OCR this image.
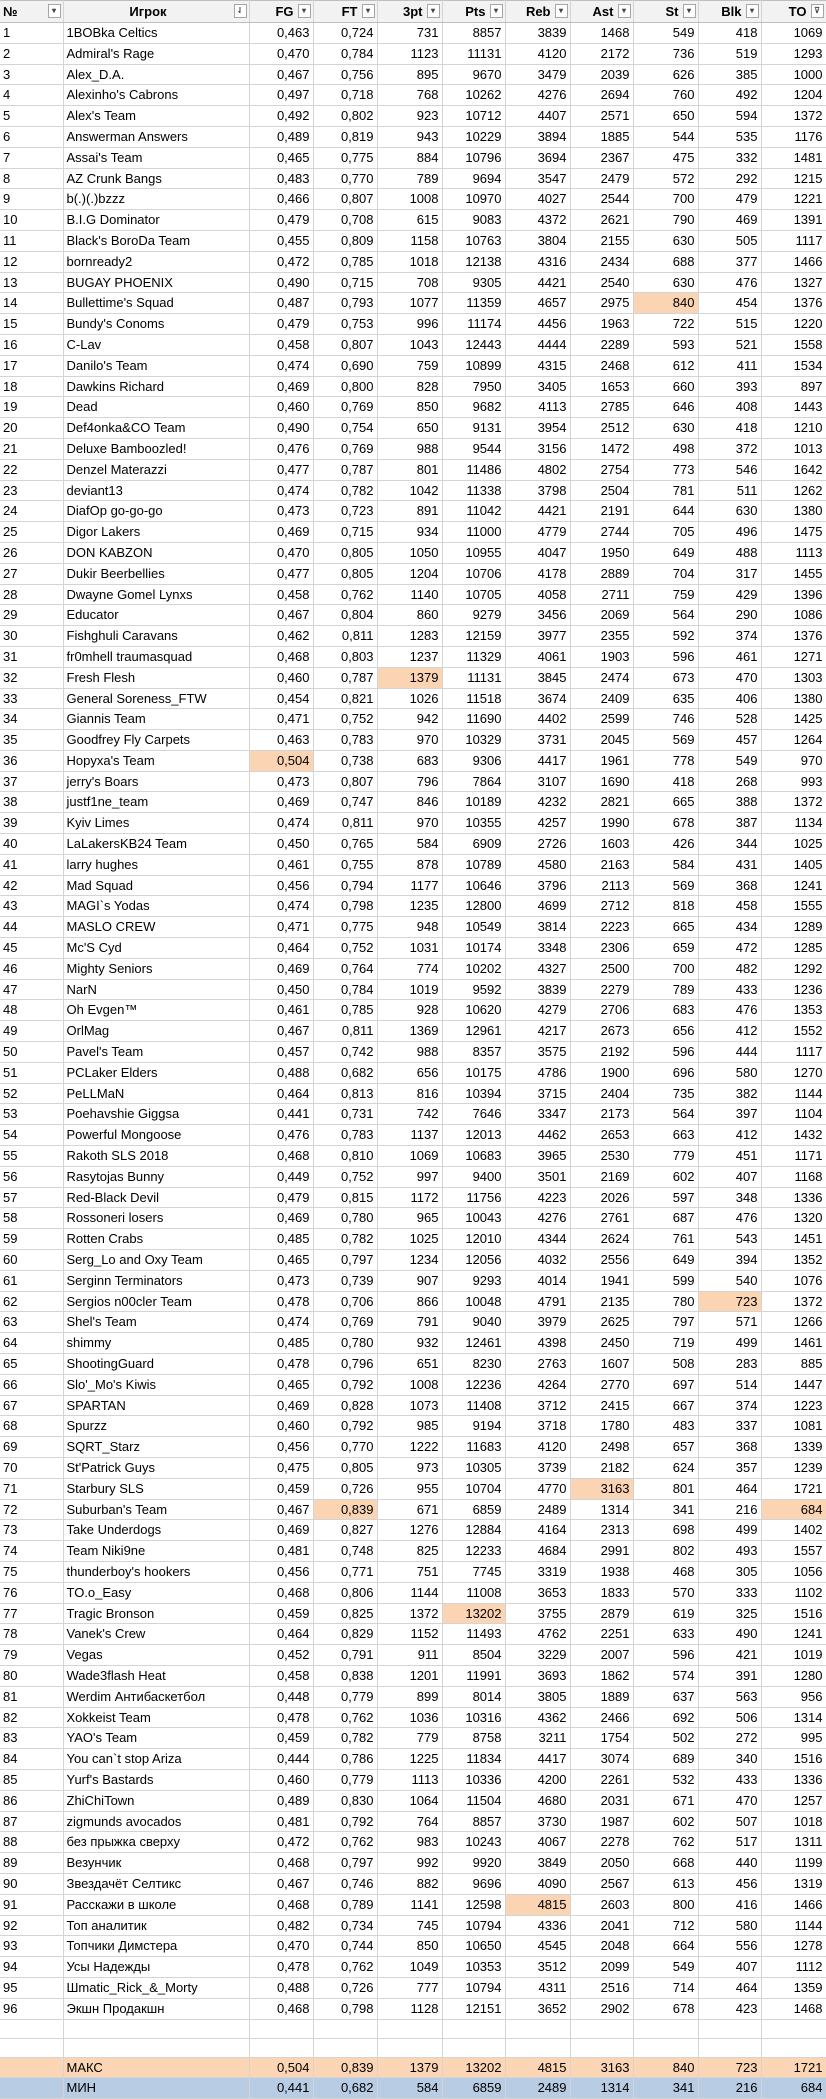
№ ▾	Игрок ⇃	FG ▾	FT ▾	3pt ▾	Pts ▾	Reb ▾	Ast ▾	St ▾	Blk ▾	TO ⊽

1	1BOBka Celtics	0,463	0,724	731	8857	3839	1468	549	418	1069
2	Admiral's Rage	0,470	0,784	1123	11131	4120	2172	736	519	1293
3	Alex_D.A.	0,467	0,756	895	9670	3479	2039	626	385	1000
4	Alexinho's Cabrons	0,497	0,718	768	10262	4276	2694	760	492	1204
5	Alex's Team	0,492	0,802	923	10712	4407	2571	650	594	1372
6	Answerman Answers	0,489	0,819	943	10229	3894	1885	544	535	1176
7	Assai's Team	0,465	0,775	884	10796	3694	2367	475	332	1481
8	AZ Crunk Bangs	0,483	0,770	789	9694	3547	2479	572	292	1215
9	b(.)(.)bzzz	0,466	0,807	1008	10970	4027	2544	700	479	1221
10	B.I.G Dominator	0,479	0,708	615	9083	4372	2621	790	469	1391
11	Black's BoroDa Team	0,455	0,809	1158	10763	3804	2155	630	505	1117
12	bornready2	0,472	0,785	1018	12138	4316	2434	688	377	1466
13	BUGAY PHOENIX	0,490	0,715	708	9305	4421	2540	630	476	1327
14	Bullettime's Squad	0,487	0,793	1077	11359	4657	2975	840	454	1376
15	Bundy's Conoms	0,479	0,753	996	11174	4456	1963	722	515	1220
16	C-Lav	0,458	0,807	1043	12443	4444	2289	593	521	1558
17	Danilo's Team	0,474	0,690	759	10899	4315	2468	612	411	1534
18	Dawkins Richard	0,469	0,800	828	7950	3405	1653	660	393	897
19	Dead	0,460	0,769	850	9682	4113	2785	646	408	1443
20	Def4onka&CO Team	0,490	0,754	650	9131	3954	2512	630	418	1210
21	Deluxe Bamboozled!	0,476	0,769	988	9544	3156	1472	498	372	1013
22	Denzel Materazzi	0,477	0,787	801	11486	4802	2754	773	546	1642
23	deviant13	0,474	0,782	1042	11338	3798	2504	781	511	1262
24	DiafOp go-go-go	0,473	0,723	891	11042	4421	2191	644	630	1380
25	Digor Lakers	0,469	0,715	934	11000	4779	2744	705	496	1475
26	DON KABZON	0,470	0,805	1050	10955	4047	1950	649	488	1113
27	Dukir Beerbellies	0,477	0,805	1204	10706	4178	2889	704	317	1455
28	Dwayne Gomel Lynxs	0,458	0,762	1140	10705	4058	2711	759	429	1396
29	Educator	0,467	0,804	860	9279	3456	2069	564	290	1086
30	Fishghuli Caravans	0,462	0,811	1283	12159	3977	2355	592	374	1376
31	fr0mhell traumasquad	0,468	0,803	1237	11329	4061	1903	596	461	1271
32	Fresh Flesh	0,460	0,787	1379	11131	3845	2474	673	470	1303
33	General Soreness_FTW	0,454	0,821	1026	11518	3674	2409	635	406	1380
34	Giannis Team	0,471	0,752	942	11690	4402	2599	746	528	1425
35	Goodfrey Fly Carpets	0,463	0,783	970	10329	3731	2045	569	457	1264
36	Нopyxa's Team	0,504	0,738	683	9306	4417	1961	778	549	970
37	jerry's Boars	0,473	0,807	796	7864	3107	1690	418	268	993
38	justf1ne_team	0,469	0,747	846	10189	4232	2821	665	388	1372
39	Kyiv Limes	0,474	0,811	970	10355	4257	1990	678	387	1134
40	LaLakersKB24 Team	0,450	0,765	584	6909	2726	1603	426	344	1025
41	larry hughes	0,461	0,755	878	10789	4580	2163	584	431	1405
42	Mad Squad	0,456	0,794	1177	10646	3796	2113	569	368	1241
43	MAGI`s Yodas	0,474	0,798	1235	12800	4699	2712	818	458	1555
44	MASLO CREW	0,471	0,775	948	10549	3814	2223	665	434	1289
45	Mc'S Cyd	0,464	0,752	1031	10174	3348	2306	659	472	1285
46	Mighty Seniors	0,469	0,764	774	10202	4327	2500	700	482	1292
47	NarN	0,450	0,784	1019	9592	3839	2279	789	433	1236
48	Oh Evgen™	0,461	0,785	928	10620	4279	2706	683	476	1353
49	OrlMag	0,467	0,811	1369	12961	4217	2673	656	412	1552
50	Pavel's Team	0,457	0,742	988	8357	3575	2192	596	444	1117
51	PCLaker Elders	0,488	0,682	656	10175	4786	1900	696	580	1270
52	PeLLMaN	0,464	0,813	816	10394	3715	2404	735	382	1144
53	Poehavshie Giggsa	0,441	0,731	742	7646	3347	2173	564	397	1104
54	Powerful Mongoose	0,476	0,783	1137	12013	4462	2653	663	412	1432
55	Rakoth SLS 2018	0,468	0,810	1069	10683	3965	2530	779	451	1171
56	Rasytojas Bunny	0,449	0,752	997	9400	3501	2169	602	407	1168
57	Red-Black Devil	0,479	0,815	1172	11756	4223	2026	597	348	1336
58	Rossoneri losers	0,469	0,780	965	10043	4276	2761	687	476	1320
59	Rotten Crabs	0,485	0,782	1025	12010	4344	2624	761	543	1451
60	Serg_Lo and Oxy Team	0,465	0,797	1234	12056	4032	2556	649	394	1352
61	Serginn Terminators	0,473	0,739	907	9293	4014	1941	599	540	1076
62	Sergios n00cler Team	0,478	0,706	866	10048	4791	2135	780	723	1372
63	Shel's Team	0,474	0,769	791	9040	3979	2625	797	571	1266
64	shimmy	0,485	0,780	932	12461	4398	2450	719	499	1461
65	ShootingGuard	0,478	0,796	651	8230	2763	1607	508	283	885
66	Slo'_Mo's Kiwis	0,465	0,792	1008	12236	4264	2770	697	514	1447
67	SPARTAN	0,469	0,828	1073	11408	3712	2415	667	374	1223
68	Spurzz	0,460	0,792	985	9194	3718	1780	483	337	1081
69	SQRT_Starz	0,456	0,770	1222	11683	4120	2498	657	368	1339
70	St'Patrick Guys	0,475	0,805	973	10305	3739	2182	624	357	1239
71	Starbury SLS	0,459	0,726	955	10704	4770	3163	801	464	1721
72	Suburban's Team	0,467	0,839	671	6859	2489	1314	341	216	684
73	Take Underdogs	0,469	0,827	1276	12884	4164	2313	698	499	1402
74	Team Niki9ne	0,481	0,748	825	12233	4684	2991	802	493	1557
75	thunderboy's hookers	0,456	0,771	751	7745	3319	1938	468	305	1056
76	TO.o_Easy	0,468	0,806	1144	11008	3653	1833	570	333	1102
77	Tragic Bronson	0,459	0,825	1372	13202	3755	2879	619	325	1516
78	Vanek's Crew	0,464	0,829	1152	11493	4762	2251	633	490	1241
79	Vegas	0,452	0,791	911	8504	3229	2007	596	421	1019
80	Wade3flash Heat	0,458	0,838	1201	11991	3693	1862	574	391	1280
81	Werdim Антибаскетбол	0,448	0,779	899	8014	3805	1889	637	563	956
82	Xokkeist Team	0,478	0,762	1036	10316	4362	2466	692	506	1314
83	YAO's Team	0,459	0,782	779	8758	3211	1754	502	272	995
84	You can`t stop Ariza	0,444	0,786	1225	11834	4417	3074	689	340	1516
85	Yurf's Bastards	0,460	0,779	1113	10336	4200	2261	532	433	1336
86	ZhiChiTown	0,489	0,830	1064	11504	4680	2031	671	470	1257
87	zigmunds avocados	0,481	0,792	764	8857	3730	1987	602	507	1018
88	без прыжка сверху	0,472	0,762	983	10243	4067	2278	762	517	1311
89	Везунчик	0,468	0,797	992	9920	3849	2050	668	440	1199
90	Звездачёт Селтикс	0,467	0,746	882	9696	4090	2567	613	456	1319
91	Расскажи в школе	0,468	0,789	1141	12598	4815	2603	800	416	1466
92	Топ аналитик	0,482	0,734	745	10794	4336	2041	712	580	1144
93	Топчики Димстера	0,470	0,744	850	10650	4545	2048	664	556	1278
94	Усы Надежды	0,478	0,762	1049	10353	3512	2099	549	407	1112
95	Шmatic_Rick_&_Morty	0,488	0,726	777	10794	4311	2516	714	464	1359
96	Экшн Продакшн	0,468	0,798	1128	12151	3652	2902	678	423	1468

	МАКС	0,504	0,839	1379	13202	4815	3163	840	723	1721
	МИН	0,441	0,682	584	6859	2489	1314	341	216	684
